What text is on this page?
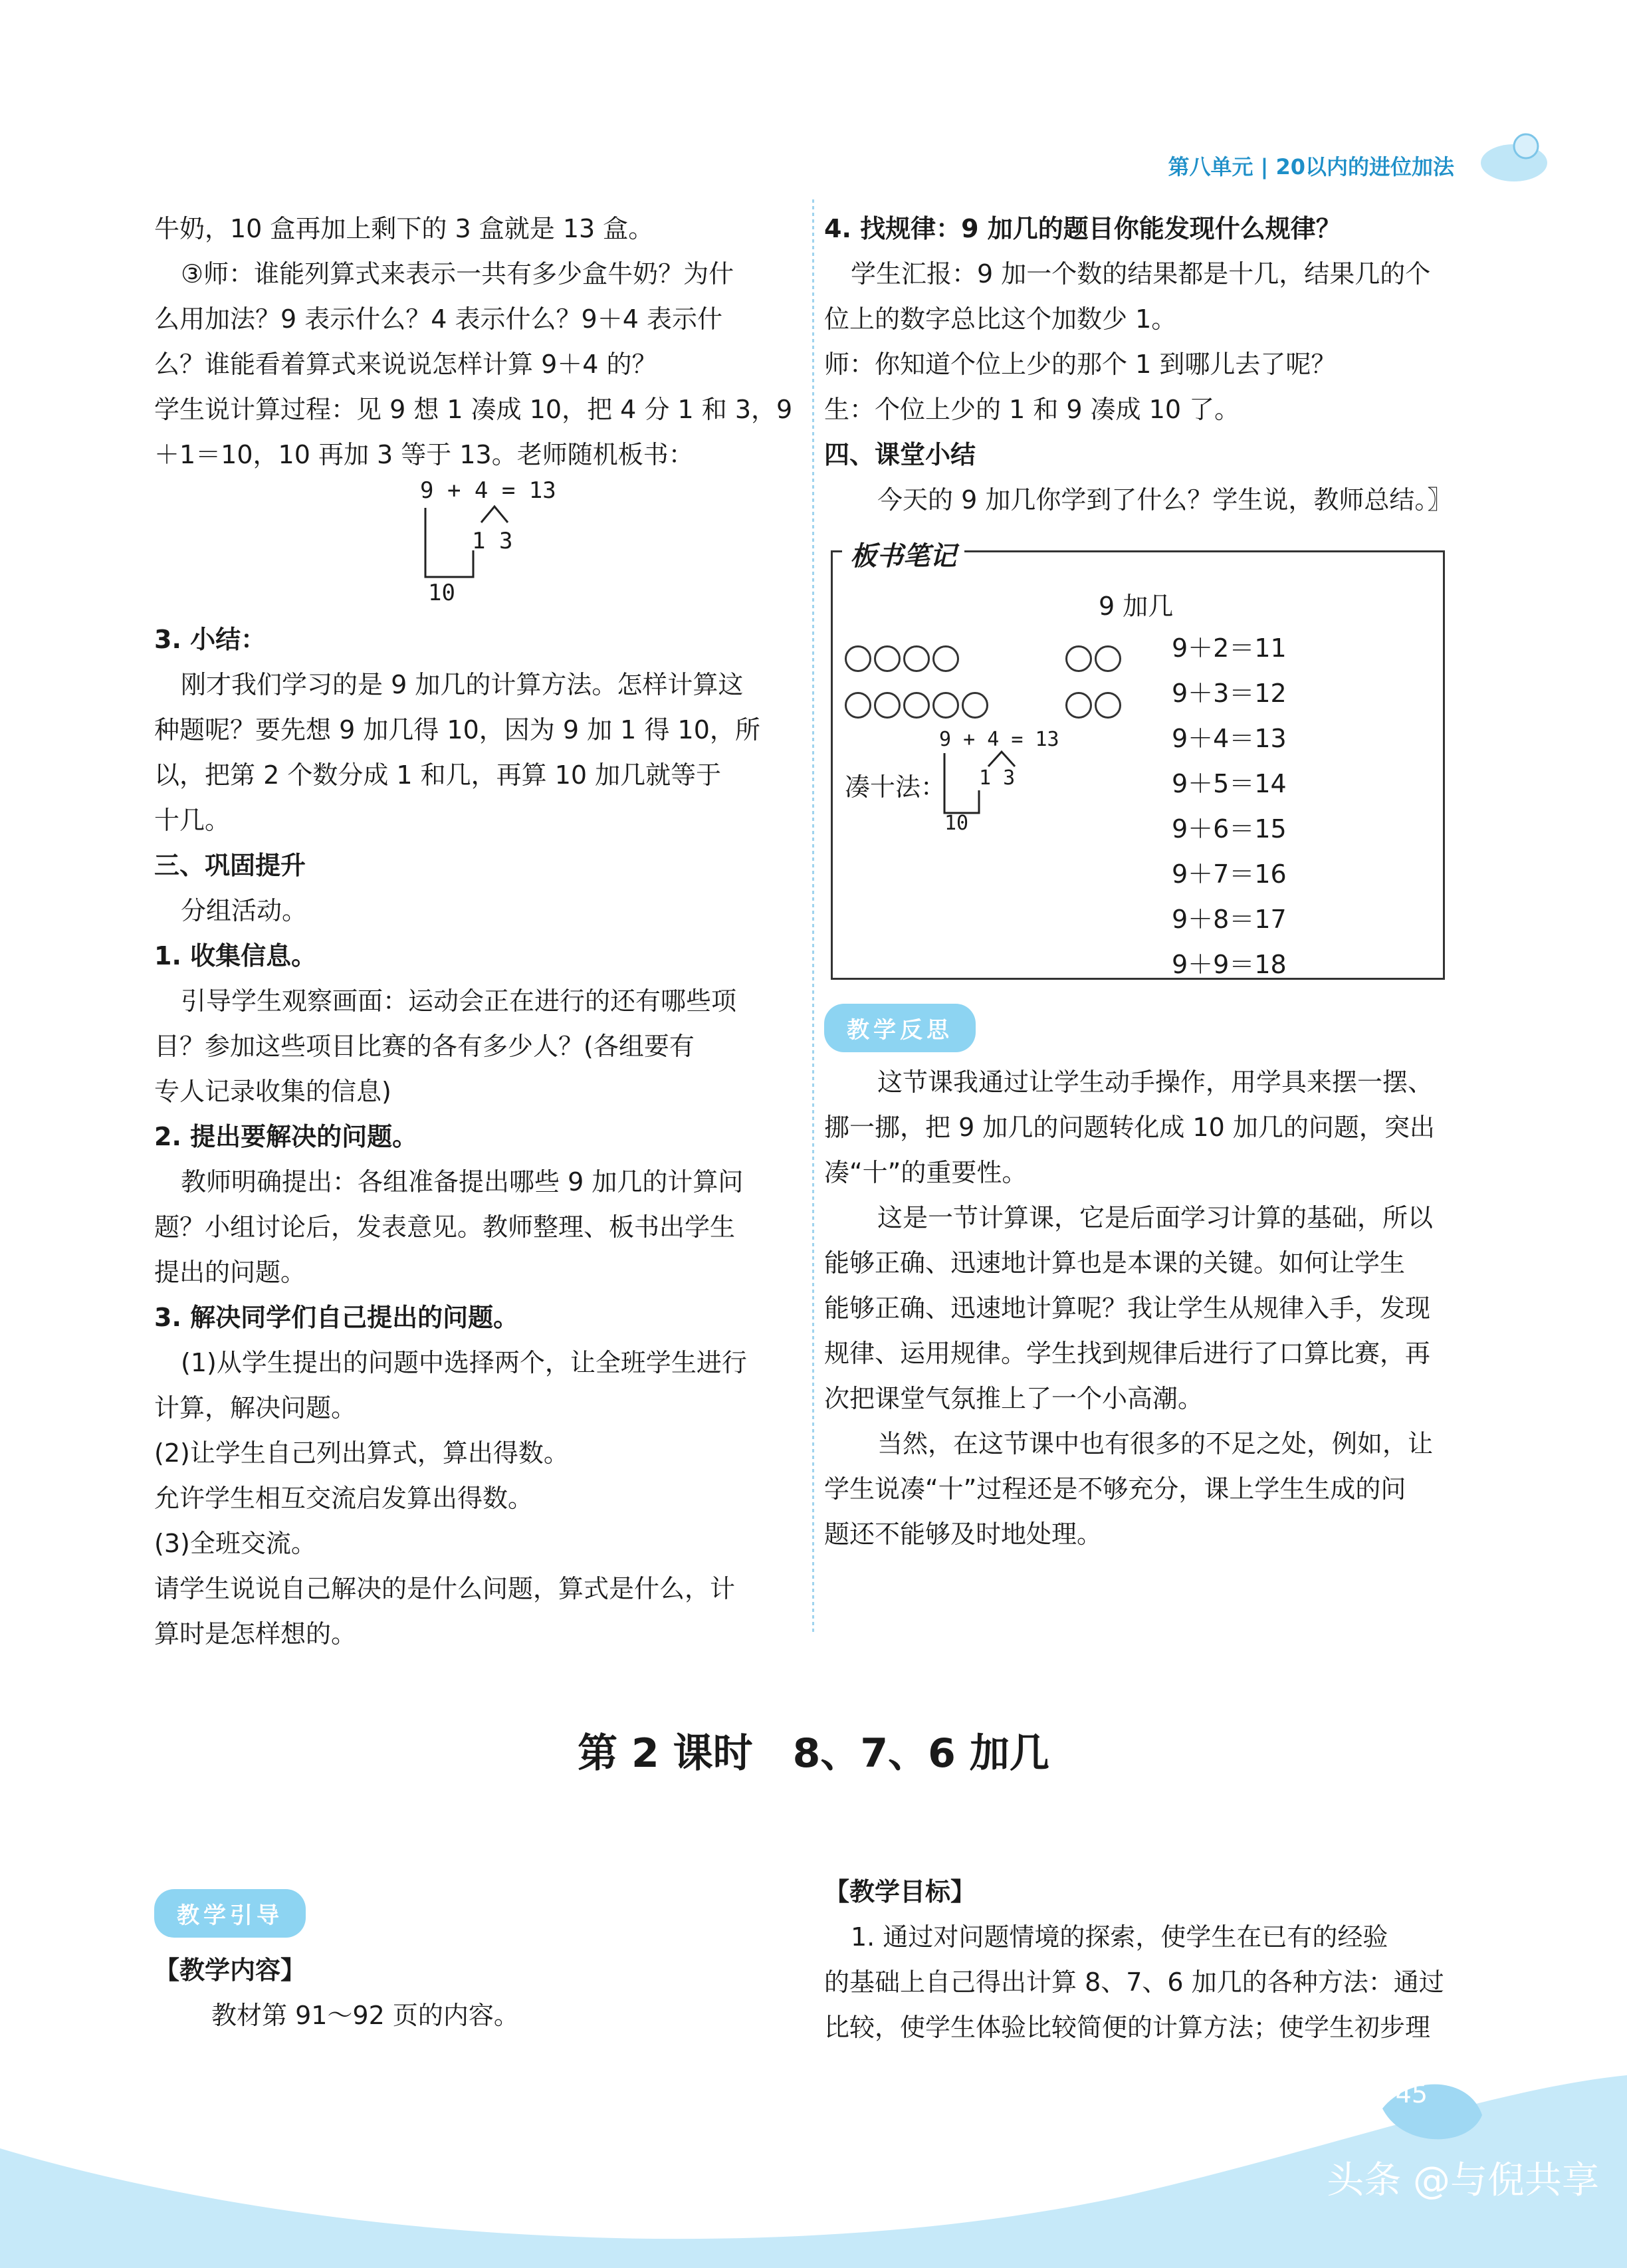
第八单元 | 20以内的进位加法
牛奶，10 盒再加上剩下的 3 盒就是 13 盒。
③师：谁能列算式来表示一共有多少盒牛奶？为什
么用加法？9 表示什么？4 表示什么？9＋4 表示什
么？谁能看着算式来说说怎样计算 9＋4 的？
学生说计算过程：见 9 想 1 凑成 10，把 4 分 1 和 3，9
＋1＝10，10 再加 3 等于 13。老师随机板书：
9 + 4 = 13
1 3
10
3. 小结：
刚才我们学习的是 9 加几的计算方法。怎样计算这
种题呢？要先想 9 加几得 10，因为 9 加 1 得 10，所
以，把第 2 个数分成 1 和几，再算 10 加几就等于
十几。
三、巩固提升
分组活动。
1. 收集信息。
引导学生观察画面：运动会正在进行的还有哪些项
目？参加这些项目比赛的各有多少人？(各组要有
专人记录收集的信息)
2. 提出要解决的问题。
教师明确提出：各组准备提出哪些 9 加几的计算问
题？小组讨论后，发表意见。教师整理、板书出学生
提出的问题。
3. 解决同学们自己提出的问题。
(1)从学生提出的问题中选择两个，让全班学生进行
计算，解决问题。
(2)让学生自己列出算式，算出得数。
允许学生相互交流启发算出得数。
(3)全班交流。
请学生说说自己解决的是什么问题，算式是什么，计
算时是怎样想的。
4. 找规律：9 加几的题目你能发现什么规律？
学生汇报：9 加一个数的结果都是十几，结果几的个
位上的数字总比这个加数少 1。
师：你知道个位上少的那个 1 到哪儿去了呢？
生：个位上少的 1 和 9 凑成 10 了。
四、课堂小结
今天的 9 加几你学到了什么？学生说，教师总结。〗
板书笔记
9 加几
9 + 4 = 13
凑十法： 1 3
10
9＋2＝11
9＋3＝12
9＋4＝13
9＋5＝14
9＋6＝15
9＋7＝16
9＋8＝17
9＋9＝18
教学反思
这节课我通过让学生动手操作，用学具来摆一摆、
挪一挪，把 9 加几的问题转化成 10 加几的问题，突出
凑“十”的重要性。
这是一节计算课，它是后面学习计算的基础，所以
能够正确、迅速地计算也是本课的关键。如何让学生
能够正确、迅速地计算呢？我让学生从规律入手，发现
规律、运用规律。学生找到规律后进行了口算比赛，再
次把课堂气氛推上了一个小高潮。
当然，在这节课中也有很多的不足之处，例如，让
学生说凑“十”过程还是不够充分，课上学生生成的问
题还不能够及时地处理。
第 2 课时　8、7、6 加几
教学引导
【教学内容】
教材第 91～92 页的内容。
【教学目标】
1. 通过对问题情境的探索，使学生在已有的经验
的基础上自己得出计算 8、7、6 加几的各种方法：通过
比较，使学生体验比较简便的计算方法；使学生初步理
45
头条 @与倪共享
